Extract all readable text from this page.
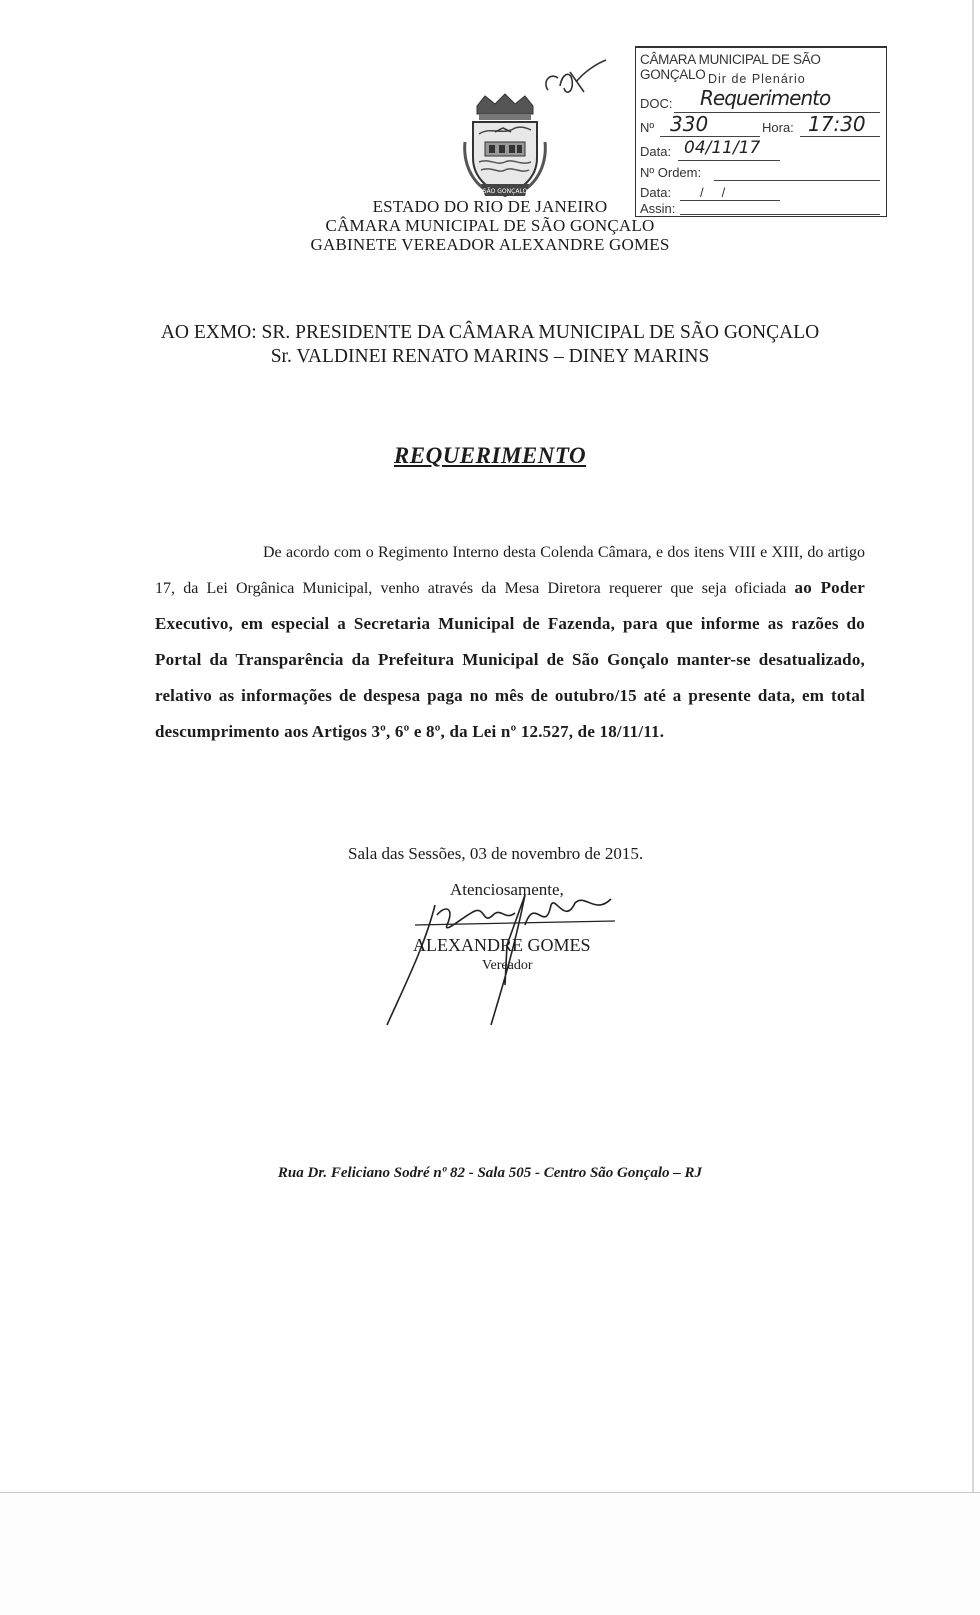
SÃO GONÇALO
CÂMARA MUNICIPAL DE SÃO GONÇALO Dir de Plenário
DOC: Requerimento
Nº 330	Hora: 17:30
Data: 04/11/17
Nº Ordem:
Data: /     /
Assin:
ESTADO DO RIO DE JANEIRO
CÂMARA MUNICIPAL DE SÃO GONÇALO
GABINETE VEREADOR ALEXANDRE GOMES
AO EXMO: SR. PRESIDENTE DA CÂMARA MUNICIPAL DE SÃO GONÇALO
Sr. VALDINEI RENATO MARINS – DINEY MARINS
REQUERIMENTO
De acordo com o Regimento Interno desta Colenda Câmara, e dos itens VIII e XIII, do artigo 17, da Lei Orgânica Municipal, venho através da Mesa Diretora requerer que seja oficiada ao Poder Executivo, em especial a Secretaria Municipal de Fazenda, para que informe as razões do Portal da Transparência da Prefeitura Municipal de São Gonçalo manter-se desatualizado, relativo as informações de despesa paga no mês de outubro/15 até a presente data, em total descumprimento aos Artigos 3º, 6º e 8º, da Lei nº 12.527, de 18/11/11.
Sala das Sessões, 03 de novembro de 2015.
Atenciosamente,
ALEXANDRE GOMES
Vereador
Rua Dr. Feliciano Sodré nº 82 - Sala 505 - Centro São Gonçalo – RJ
